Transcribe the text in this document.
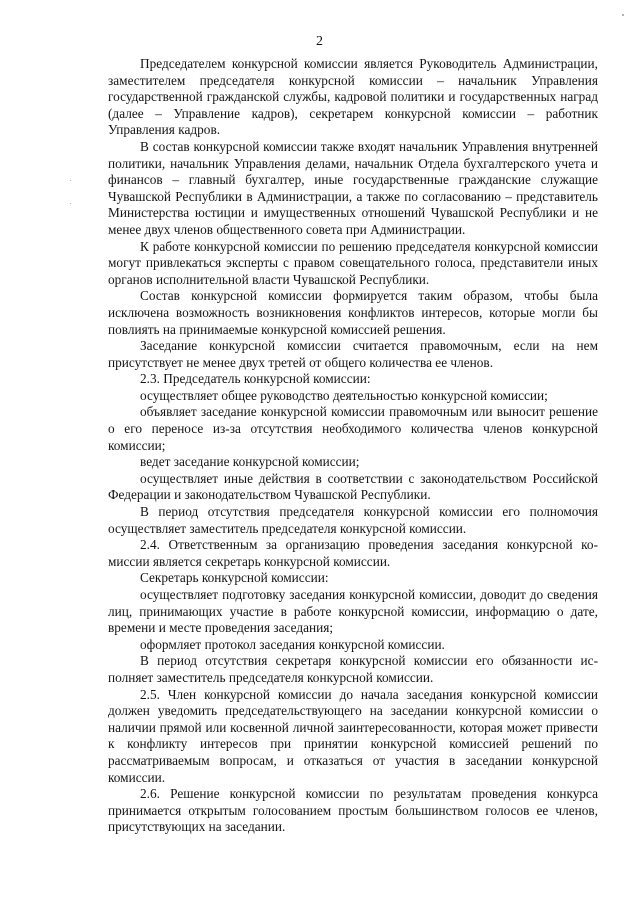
2

Председателем конкурсной комиссии является Руководитель Администрации, заместителем председателя конкурсной комиссии – начальник Управления государственной гражданской службы, кадровой политики и государственных наград (далее – Управление кадров), секретарем конкурсной комиссии – работник Управления кадров.

В состав конкурсной комиссии также входят начальник Управления внутренней политики, начальник Управления делами, начальник Отдела бухгалтерского учета и финансов – главный бухгалтер, иные государственные гражданские служащие Чувашской Республики в Администрации, а также по согласованию – представитель Министерства юстиции и имущественных отношений Чувашской Республики и не менее двух членов общественного совета при Администрации.

К работе конкурсной комиссии по решению председателя конкурсной комиссии могут привлекаться эксперты с правом совещательного голоса, представители иных органов исполнительной власти Чувашской Республики.

Состав конкурсной комиссии формируется таким образом, чтобы была исключена возможность возникновения конфликтов интересов, которые могли бы повлиять на принимаемые конкурсной комиссией решения.

Заседание конкурсной комиссии считается правомочным, если на нем присутствует не менее двух третей от общего количества ее членов.

2.3. Председатель конкурсной комиссии:

осуществляет общее руководство деятельностью конкурсной комиссии;

объявляет заседание конкурсной комиссии правомочным или выносит решение о его переносе из-за отсутствия необходимого количества членов конкурсной комиссии;

ведет заседание конкурсной комиссии;

осуществляет иные действия в соответствии с законодательством Российской Федерации и законодательством Чувашской Республики.

В период отсутствия председателя конкурсной комиссии его полномочия осуществляет заместитель председателя конкурсной комиссии.

2.4. Ответственным за организацию проведения заседания конкурсной комиссии является секретарь конкурсной комиссии.

Секретарь конкурсной комиссии:

осуществляет подготовку заседания конкурсной комиссии, доводит до сведения лиц, принимающих участие в работе конкурсной комиссии, информацию о дате, времени и месте проведения заседания;

оформляет протокол заседания конкурсной комиссии.

В период отсутствия секретаря конкурсной комиссии его обязанности исполняет заместитель председателя конкурсной комиссии.

2.5. Член конкурсной комиссии до начала заседания конкурсной комиссии должен уведомить председательствующего на заседании конкурсной комиссии о наличии прямой или косвенной личной заинтересованности, которая может привести к конфликту интересов при принятии конкурсной комиссией решений по рассматриваемым вопросам, и отказаться от участия в заседании конкурсной комиссии.

2.6. Решение конкурсной комиссии по результатам проведения конкурса принимается открытым голосованием простым большинством голосов ее членов, присутствующих на заседании.
